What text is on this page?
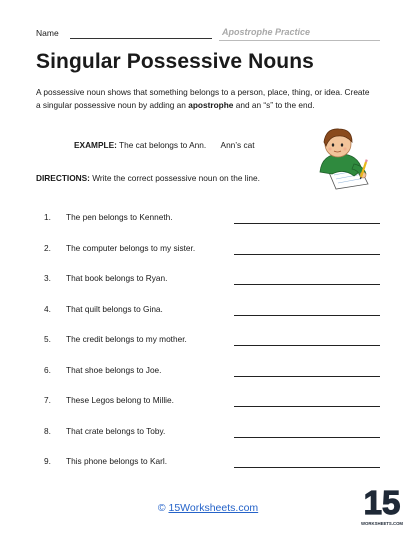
Name	Apostrophe Practice
Singular Possessive Nouns
A possessive noun shows that something belongs to a person, place, thing, or idea. Create a singular possessive noun by adding an apostrophe and an “s” to the end.
EXAMPLE: The cat belongs to Ann. Ann’s cat
DIRECTIONS: Write the correct possessive noun on the line.
1. The pen belongs to Kenneth.
2. The computer belongs to my sister.
3. That book belongs to Ryan.
4. That quilt belongs to Gina.
5. The credit belongs to my mother.
6. That shoe belongs to Joe.
7. These Legos belong to Millie.
8. That crate belongs to Toby.
9. This phone belongs to Karl.
© 15Worksheets.com	15
WORKSHEETS.COM
